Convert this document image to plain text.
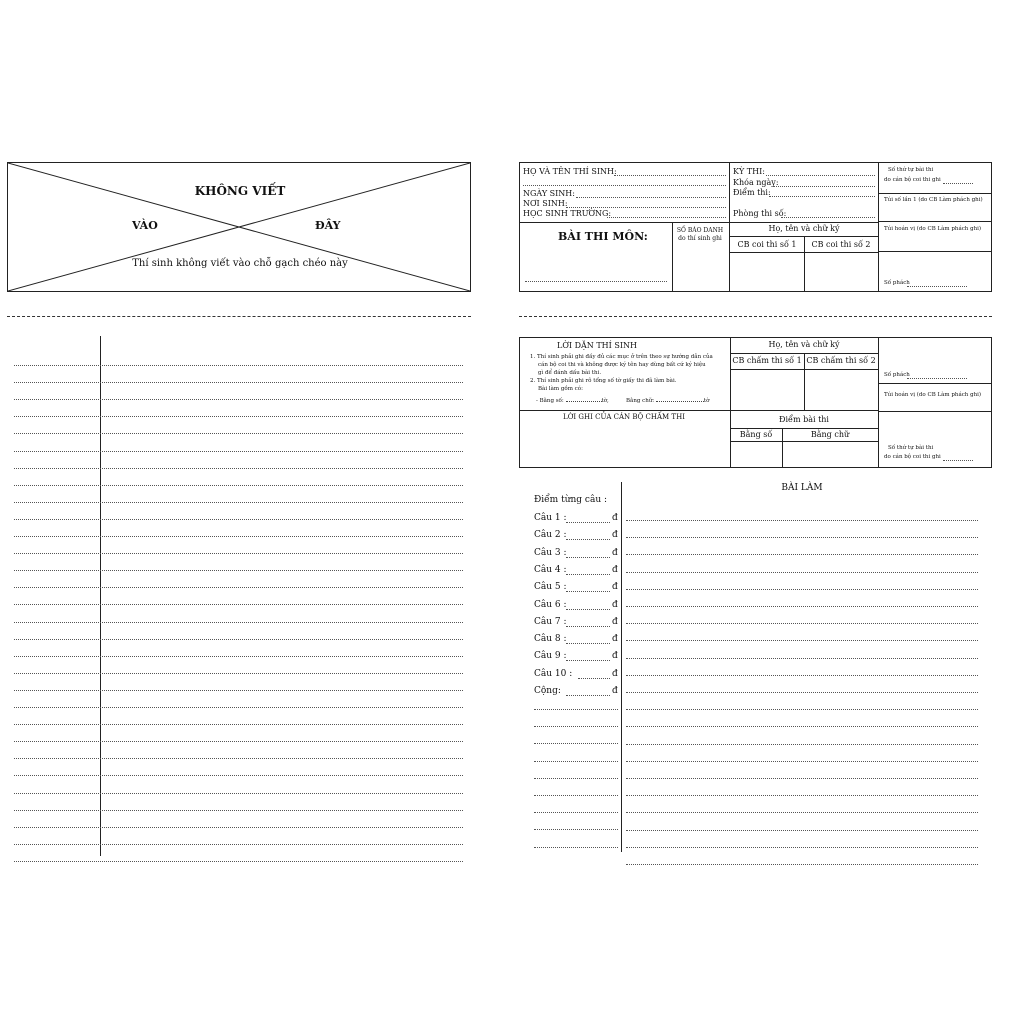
KHÔNG VIẾT
VÀO	ĐÂY
Thí sinh không viết vào chỗ gạch chéo này
HỌ VÀ TÊN THÍ SINH:
NGÀY SINH:
NƠI SINH:
HỌC SINH TRƯỜNG:
BÀI THI MÔN:	SỐ BÁO DANH
do thí sinh ghi
KỲ THI:
Khóa ngày:
Điểm thi:
Phòng thi số:
Họ, tên và chữ ký
CB coi thi số 1 CB coi thi số 2
Số thứ tự bài thi
do cán bộ coi thi ghi
Túi số lần 1 (do CB Làm phách ghi)
Túi hoán vị (do CB Làm phách ghi)
Số phách
LỜI DẶN THÍ SINH
1. Thí sinh phải ghi đầy đủ các mục ở trên theo sự hướng dẫn của
cán bộ coi thi và không được ký tên hay dùng bất cứ ký hiệu
gì để đánh dấu bài thi.
2. Thí sinh phải ghi rõ tổng số tờ giấy thi đã làm bài.
Bài làm gồm có:
- Bằng số:	tờ,	Bằng chữ:	tờ
LỜI GHI CỦA CÁN BỘ CHẤM THI
Họ, tên và chữ ký
CB chấm thi số 1 CB chấm thi số 2
Điểm bài thi
Bằng số	Bằng chữ
Số phách
Túi hoán vị (do CB Làm phách ghi)
Số thứ tự bài thi
do cán bộ coi thi ghi
BÀI LÀM
Điểm từng câu :
Câu 1 :	đ
Câu 2 :	đ
Câu 3 :	đ
Câu 4 :	đ
Câu 5 :	đ
Câu 6 :	đ
Câu 7 :	đ
Câu 8 :	đ
Câu 9 :	đ
Câu 10 :	đ
Cộng:	đ
